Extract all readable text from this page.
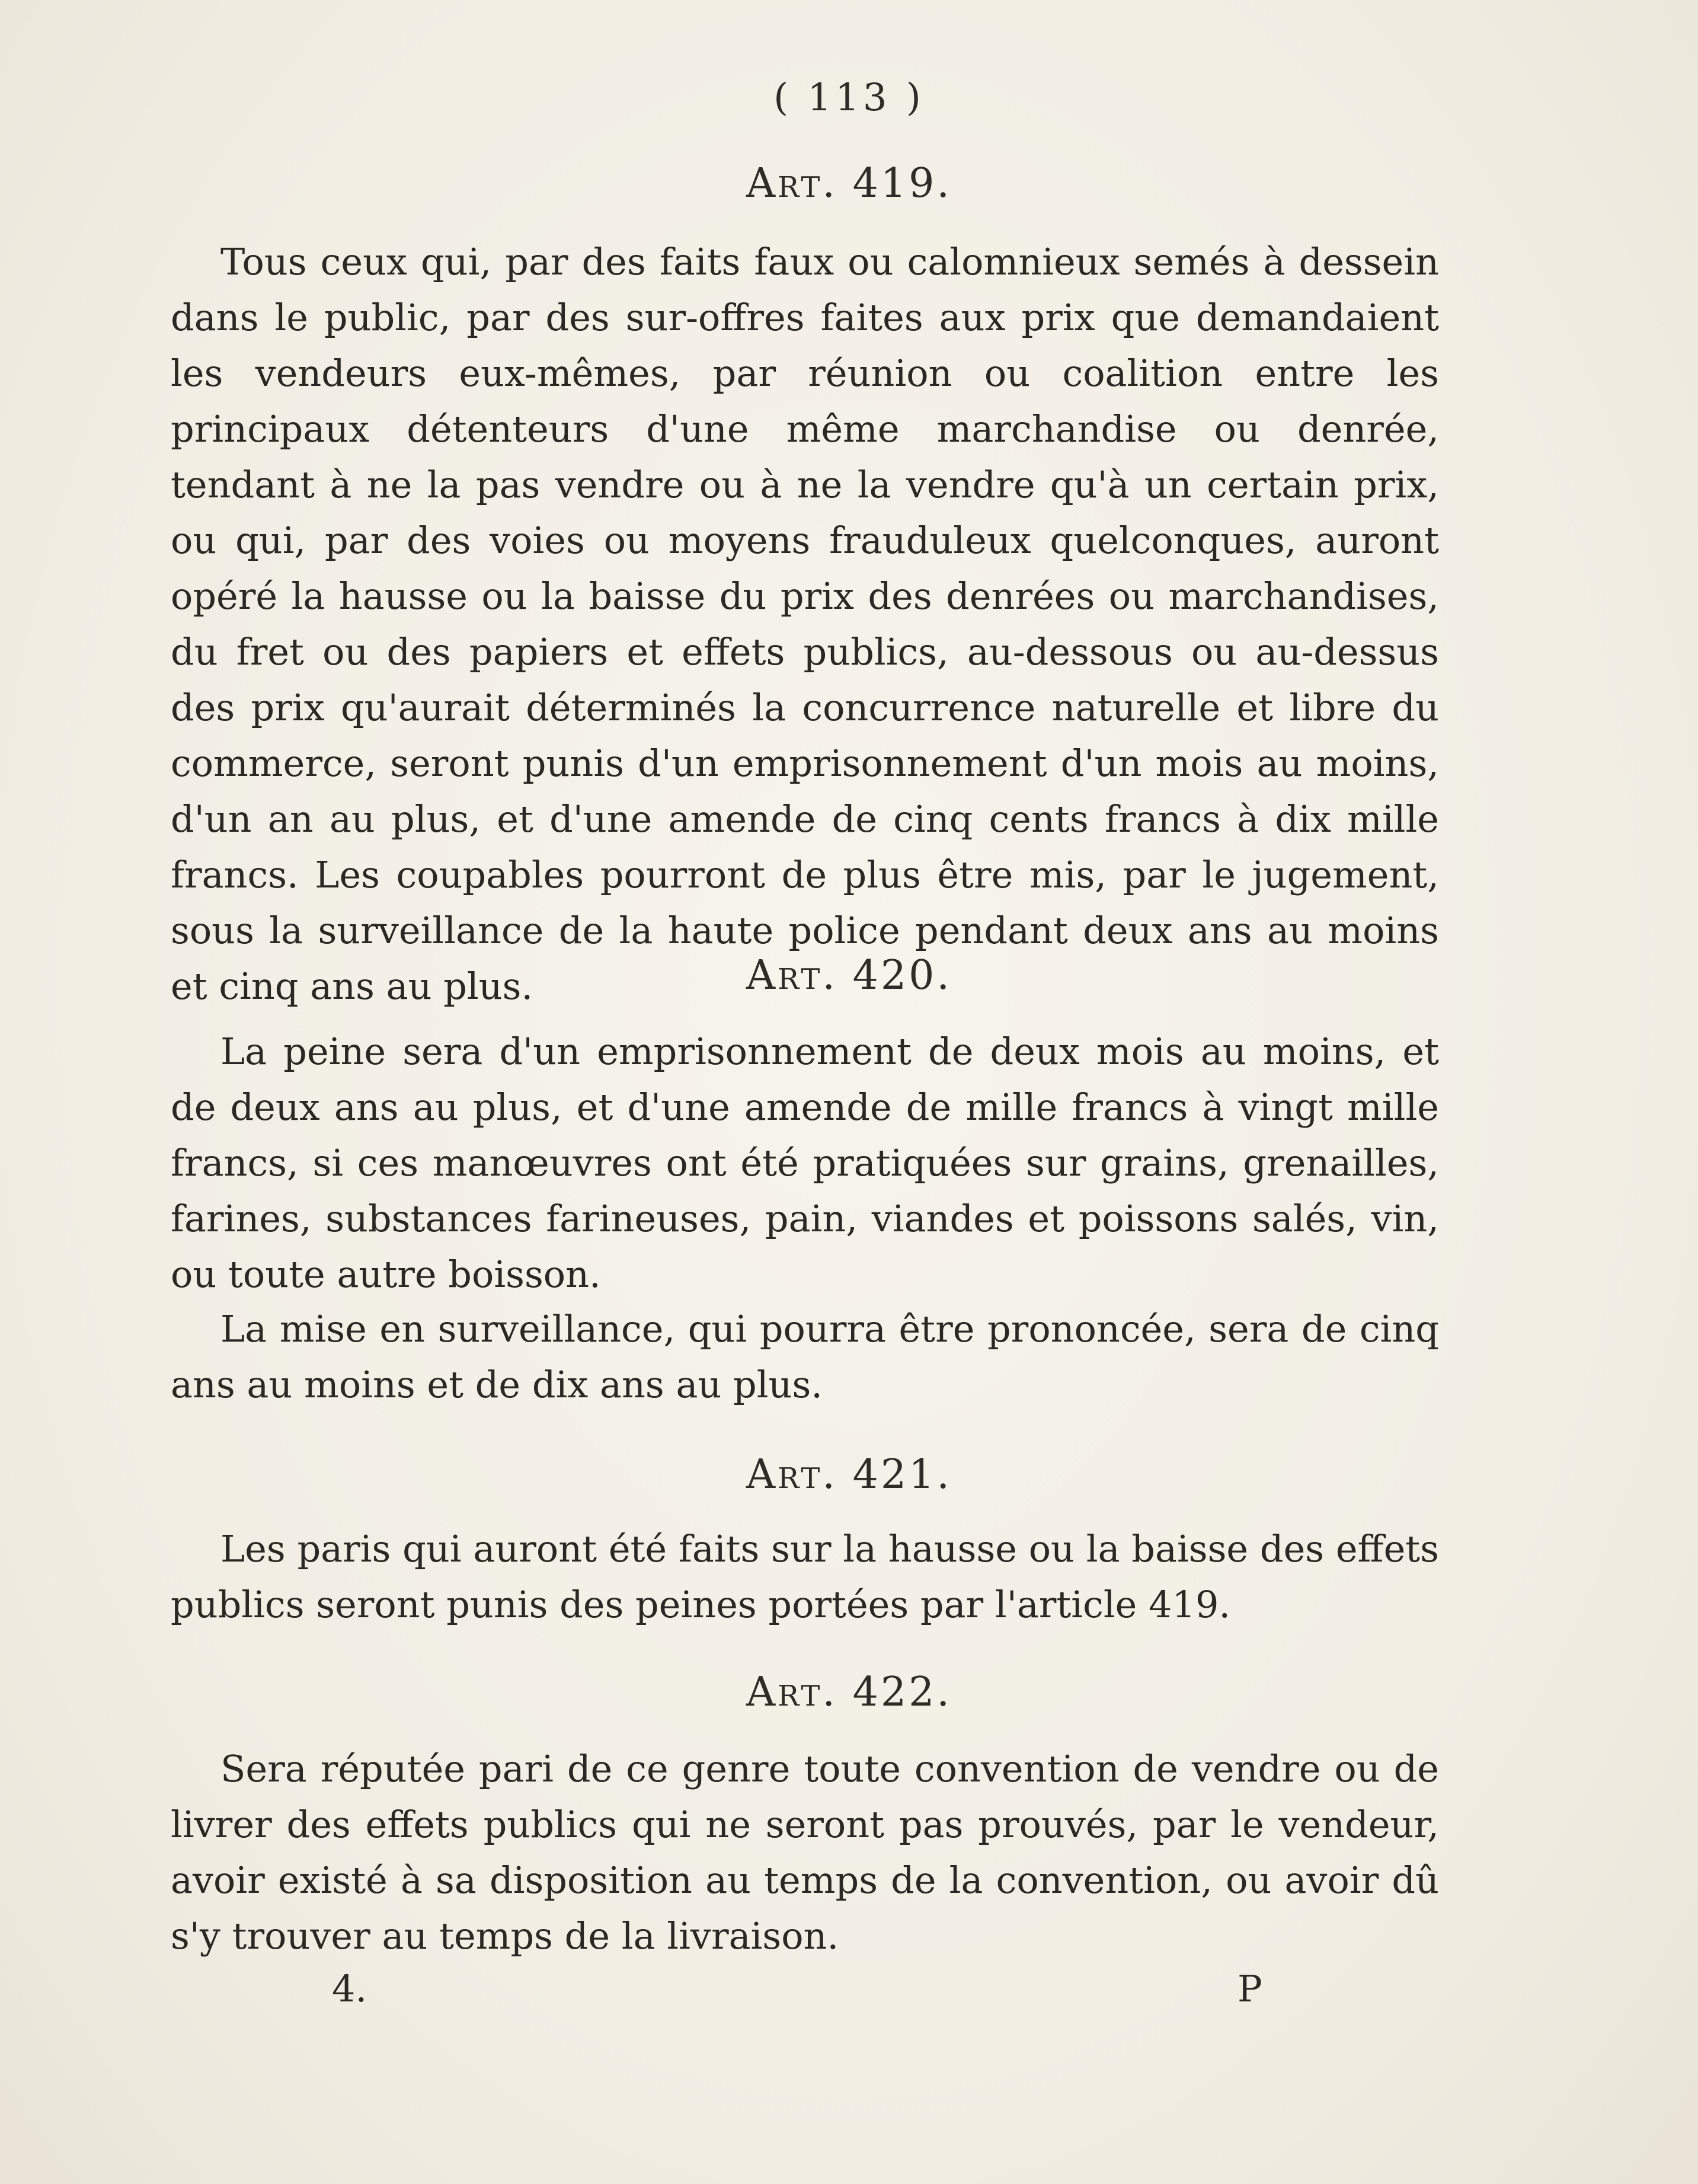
( 113 )
Art. 419.
Tous ceux qui, par des faits faux ou calomnieux semés à dessein dans le public, par des sur-offres faites aux prix que demandaient les vendeurs eux-mêmes, par réunion ou coalition entre les principaux détenteurs d'une même marchandise ou denrée, tendant à ne la pas vendre ou à ne la vendre qu'à un certain prix, ou qui, par des voies ou moyens frauduleux quelconques, auront opéré la hausse ou la baisse du prix des denrées ou marchandises, du fret ou des papiers et effets publics, au-dessous ou au-dessus des prix qu'aurait déterminés la concurrence naturelle et libre du commerce, seront punis d'un emprisonnement d'un mois au moins, d'un an au plus, et d'une amende de cinq cents francs à dix mille francs. Les coupables pourront de plus être mis, par le jugement, sous la surveillance de la haute police pendant deux ans au moins et cinq ans au plus.	Art. 420.
La peine sera d'un emprisonnement de deux mois au moins, et de deux ans au plus, et d'une amende de mille francs à vingt mille francs, si ces manœuvres ont été pratiquées sur grains, grenailles, farines, substances farineuses, pain, viandes et poissons salés, vin, ou toute autre boisson.
La mise en surveillance, qui pourra être prononcée, sera de cinq ans au moins et de dix ans au plus.
Art. 421.
Les paris qui auront été faits sur la hausse ou la baisse des effets publics seront punis des peines portées par l'article 419.
Art. 422.
Sera réputée pari de ce genre toute convention de vendre ou de livrer des effets publics qui ne seront pas prouvés, par le vendeur, avoir existé à sa disposition au temps de la convention, ou avoir dû s'y trouver au temps de la livraison.
4.	P
